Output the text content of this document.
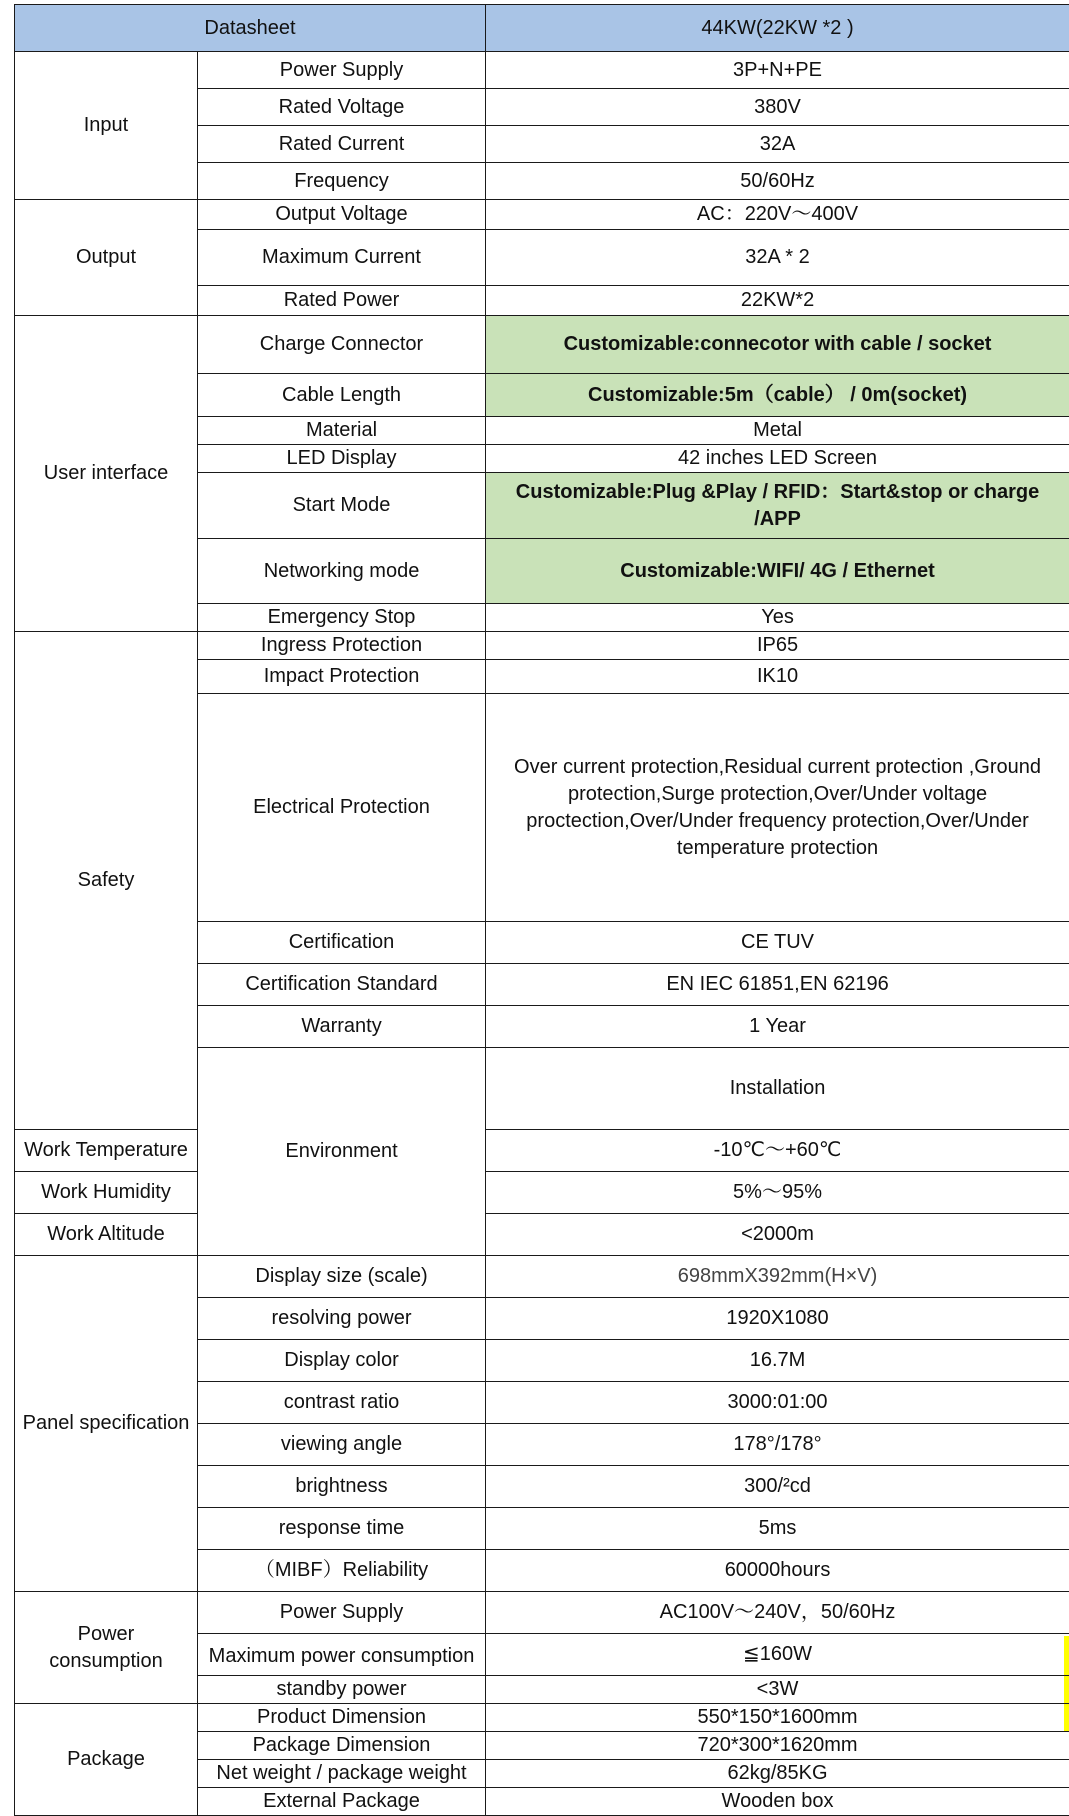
Datasheet		44KW(22KW *2 )	
Input	Power Supply	3P+N+PE	
	Rated Voltage	380V	
	Rated Current	32A	
	Frequency	50/60Hz	
Output	Output Voltage	AC：220V～400V	
	Maximum Current	32A * 2	
	Rated Power	22KW*2	
User interface	Charge Connector	Customizable:connecotor with cable / socket	
	Cable Length	Customizable:5m（cable） / 0m(socket)	
	Material	Metal	
	LED Display	42 inches LED Screen	
	Start Mode	Customizable:Plug &Play / RFID：Start&stop or charge /APP	
	Networking mode	Customizable:WIFI/ 4G / Ethernet	
	Emergency Stop	Yes	
Safety	Ingress Protection	IP65	
	Impact Protection	IK10	
	Electrical Protection	Over current protection,Residual current protection ,Ground protection,Surge protection,Over/Under voltage proctection,Over/Under frequency protection,Over/Under temperature protection	
	Certification	CE TUV	
	Certification Standard	EN IEC 61851,EN 62196	
	Warranty	1 Year	
	Environment	Installation	
Work Temperature		-10℃～+60℃	
Work Humidity		5%～95%	
Work Altitude		<2000m	
Panel specification	Display size (scale)	698mmX392mm(H×V)	
	resolving power	1920X1080	
	Display color	16.7M	
	contrast ratio	3000:01:00	
	viewing angle	178°/178°	
	brightness	300/²cd	
	response time	5ms	
	（MIBF）Reliability	60000hours	
Power consumption	Power Supply	AC100V～240V，50/60Hz	

	Maximum power consumption	≦160W	
	standby power	<3W	
Package	Product Dimension	550*150*1600mm	
	Package Dimension	720*300*1620mm	
	Net weight / package weight	62kg/85KG	
	External Package	Wooden box	
